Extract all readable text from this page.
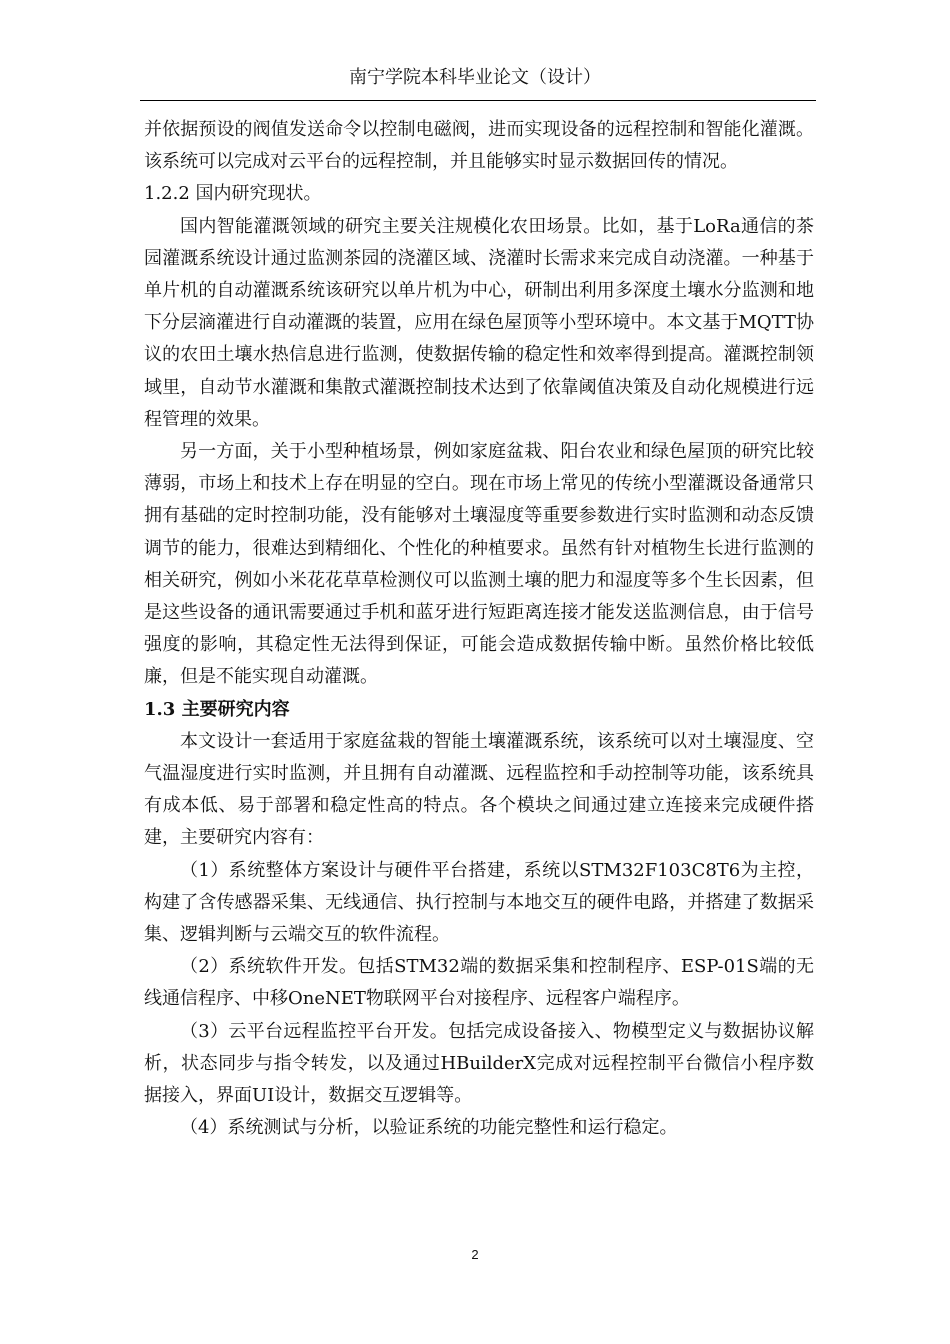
南宁学院本科毕业论文（设计）

并依据预设的阀值发送命令以控制电磁阀，进而实现设备的远程控制和智能化灌溉。该系统可以完成对云平台的远程控制，并且能够实时显示数据回传的情况。

1.2.2 国内研究现状。

国内智能灌溉领域的研究主要关注规模化农田场景。比如，基于LoRa通信的茶园灌溉系统设计通过监测茶园的浇灌区域、浇灌时长需求来完成自动浇灌。一种基于单片机的自动灌溉系统该研究以单片机为中心，研制出利用多深度土壤水分监测和地下分层滴灌进行自动灌溉的装置，应用在绿色屋顶等小型环境中。本文基于MQTT协议的农田土壤水热信息进行监测，使数据传输的稳定性和效率得到提高。灌溉控制领域里，自动节水灌溉和集散式灌溉控制技术达到了依靠阈值决策及自动化规模进行远程管理的效果。

另一方面，关于小型种植场景，例如家庭盆栽、阳台农业和绿色屋顶的研究比较薄弱，市场上和技术上存在明显的空白。现在市场上常见的传统小型灌溉设备通常只拥有基础的定时控制功能，没有能够对土壤湿度等重要参数进行实时监测和动态反馈调节的能力，很难达到精细化、个性化的种植要求。虽然有针对植物生长进行监测的相关研究，例如小米花花草草检测仪可以监测土壤的肥力和湿度等多个生长因素，但是这些设备的通讯需要通过手机和蓝牙进行短距离连接才能发送监测信息，由于信号强度的影响，其稳定性无法得到保证，可能会造成数据传输中断。虽然价格比较低廉，但是不能实现自动灌溉。

1.3 主要研究内容

本文设计一套适用于家庭盆栽的智能土壤灌溉系统，该系统可以对土壤湿度、空气温湿度进行实时监测，并且拥有自动灌溉、远程监控和手动控制等功能，该系统具有成本低、易于部署和稳定性高的特点。各个模块之间通过建立连接来完成硬件搭建，主要研究内容有：

（1）系统整体方案设计与硬件平台搭建，系统以STM32F103C8T6为主控，构建了含传感器采集、无线通信、执行控制与本地交互的硬件电路，并搭建了数据采集、逻辑判断与云端交互的软件流程。

（2）系统软件开发。包括STM32端的数据采集和控制程序、ESP-01S端的无线通信程序、中移OneNET物联网平台对接程序、远程客户端程序。

（3）云平台远程监控平台开发。包括完成设备接入、物模型定义与数据协议解析，状态同步与指令转发，以及通过HBuilderX完成对远程控制平台微信小程序数据接入，界面UI设计，数据交互逻辑等。

（4）系统测试与分析，以验证系统的功能完整性和运行稳定。

2
